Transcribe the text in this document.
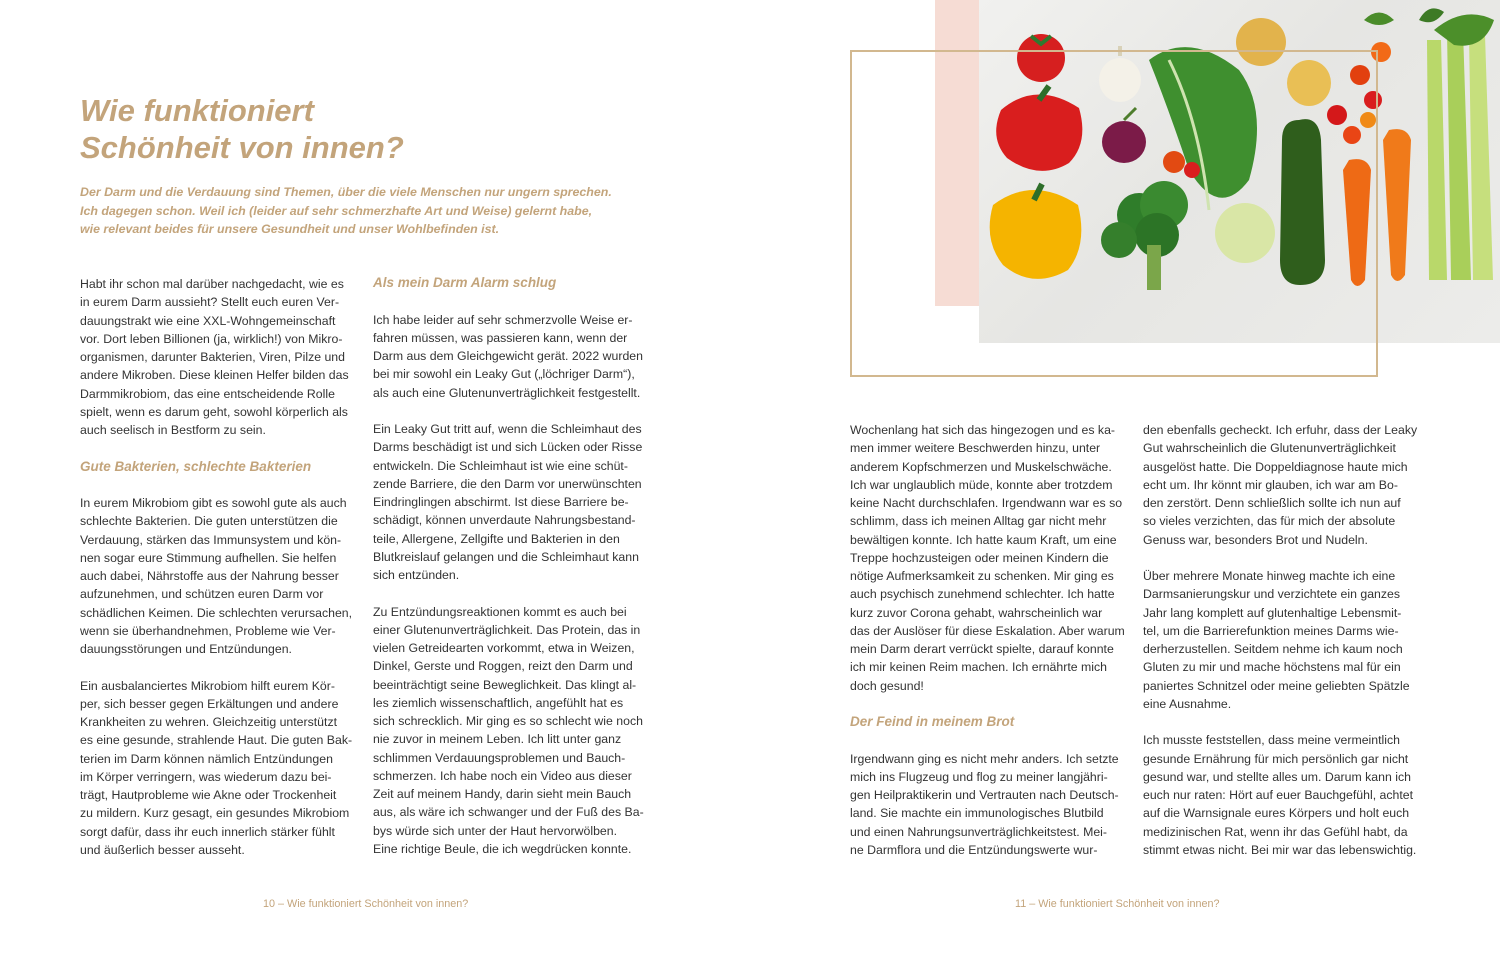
Wie funktioniert
Schönheit von innen?
Der Darm und die Verdauung sind Themen, über die viele Menschen nur ungern sprechen.
Ich dagegen schon. Weil ich (leider auf sehr schmerzhafte Art und Weise) gelernt habe,
wie relevant beides für unsere Gesundheit und unser Wohlbefinden ist.
Habt ihr schon mal darüber nachgedacht, wie es
in eurem Darm aussieht? Stellt euch euren Ver-
dauungstrakt wie eine XXL-Wohngemeinschaft
vor. Dort leben Billionen (ja, wirklich!) von Mikro-
organismen, darunter Bakterien, Viren, Pilze und
andere Mikroben. Diese kleinen Helfer bilden das
Darmmikrobiom, das eine entscheidende Rolle
spielt, wenn es darum geht, sowohl körperlich als
auch seelisch in Bestform zu sein.
Gute Bakterien, schlechte Bakterien
In eurem Mikrobiom gibt es sowohl gute als auch
schlechte Bakterien. Die guten unterstützen die
Verdauung, stärken das Immunsystem und kön-
nen sogar eure Stimmung aufhellen. Sie helfen
auch dabei, Nährstoffe aus der Nahrung besser
aufzunehmen, und schützen euren Darm vor
schädlichen Keimen. Die schlechten verursachen,
wenn sie überhandnehmen, Probleme wie Ver-
dauungsstörungen und Entzündungen.
Ein ausbalanciertes Mikrobiom hilft eurem Kör-
per, sich besser gegen Erkältungen und andere
Krankheiten zu wehren. Gleichzeitig unterstützt
es eine gesunde, strahlende Haut. Die guten Bak-
terien im Darm können nämlich Entzündungen
im Körper verringern, was wiederum dazu bei-
trägt, Hautprobleme wie Akne oder Trockenheit
zu mildern. Kurz gesagt, ein gesundes Mikrobiom
sorgt dafür, dass ihr euch innerlich stärker fühlt
und äußerlich besser ausseht.
Als mein Darm Alarm schlug
Ich habe leider auf sehr schmerzvolle Weise er-
fahren müssen, was passieren kann, wenn der
Darm aus dem Gleichgewicht gerät. 2022 wurden
bei mir sowohl ein Leaky Gut („löchriger Darm“),
als auch eine Glutenunverträglichkeit festgestellt.
Ein Leaky Gut tritt auf, wenn die Schleimhaut des
Darms beschädigt ist und sich Lücken oder Risse
entwickeln. Die Schleimhaut ist wie eine schüt-
zende Barriere, die den Darm vor unerwünschten
Eindringlingen abschirmt. Ist diese Barriere be-
schädigt, können unverdaute Nahrungsbestand-
teile, Allergene, Zellgifte und Bakterien in den
Blutkreislauf gelangen und die Schleimhaut kann
sich entzünden.
Zu Entzündungsreaktionen kommt es auch bei
einer Glutenunverträglichkeit. Das Protein, das in
vielen Getreidearten vorkommt, etwa in Weizen,
Dinkel, Gerste und Roggen, reizt den Darm und
beeinträchtigt seine Beweglichkeit. Das klingt al-
les ziemlich wissenschaftlich, angefühlt hat es
sich schrecklich. Mir ging es so schlecht wie noch
nie zuvor in meinem Leben. Ich litt unter ganz
schlimmen Verdauungsproblemen und Bauch-
schmerzen. Ich habe noch ein Video aus dieser
Zeit auf meinem Handy, darin sieht mein Bauch
aus, als wäre ich schwanger und der Fuß des Ba-
bys würde sich unter der Haut hervorwölben.
Eine richtige Beule, die ich wegdrücken konnte.
10 – Wie funktioniert Schönheit von innen?
Wochenlang hat sich das hingezogen und es ka-
men immer weitere Beschwerden hinzu, unter
anderem Kopfschmerzen und Muskelschwäche.
Ich war unglaublich müde, konnte aber trotzdem
keine Nacht durchschlafen. Irgendwann war es so
schlimm, dass ich meinen Alltag gar nicht mehr
bewältigen konnte. Ich hatte kaum Kraft, um eine
Treppe hochzusteigen oder meinen Kindern die
nötige Aufmerksamkeit zu schenken. Mir ging es
auch psychisch zunehmend schlechter. Ich hatte
kurz zuvor Corona gehabt, wahrscheinlich war
das der Auslöser für diese Eskalation. Aber warum
mein Darm derart verrückt spielte, darauf konnte
ich mir keinen Reim machen. Ich ernährte mich
doch gesund!
Der Feind in meinem Brot
Irgendwann ging es nicht mehr anders. Ich setzte
mich ins Flugzeug und flog zu meiner langjähri-
gen Heilpraktikerin und Vertrauten nach Deutsch-
land. Sie machte ein immunologisches Blutbild
und einen Nahrungsunverträglichkeitstest. Mei-
ne Darmflora und die Entzündungswerte wur-
den ebenfalls gecheckt. Ich erfuhr, dass der Leaky
Gut wahrscheinlich die Glutenunverträglichkeit
ausgelöst hatte. Die Doppeldiagnose haute mich
echt um. Ihr könnt mir glauben, ich war am Bo-
den zerstört. Denn schließlich sollte ich nun auf
so vieles verzichten, das für mich der absolute
Genuss war, besonders Brot und Nudeln.
Über mehrere Monate hinweg machte ich eine
Darmsanierungskur und verzichtete ein ganzes
Jahr lang komplett auf glutenhaltige Lebensmit-
tel, um die Barrierefunktion meines Darms wie-
derherzustellen. Seitdem nehme ich kaum noch
Gluten zu mir und mache höchstens mal für ein
paniertes Schnitzel oder meine geliebten Spätzle
eine Ausnahme.
Ich musste feststellen, dass meine vermeintlich
gesunde Ernährung für mich persönlich gar nicht
gesund war, und stellte alles um. Darum kann ich
euch nur raten: Hört auf euer Bauchgefühl, achtet
auf die Warnsignale eures Körpers und holt euch
medizinischen Rat, wenn ihr das Gefühl habt, da
stimmt etwas nicht. Bei mir war das lebenswichtig.
11 – Wie funktioniert Schönheit von innen?
